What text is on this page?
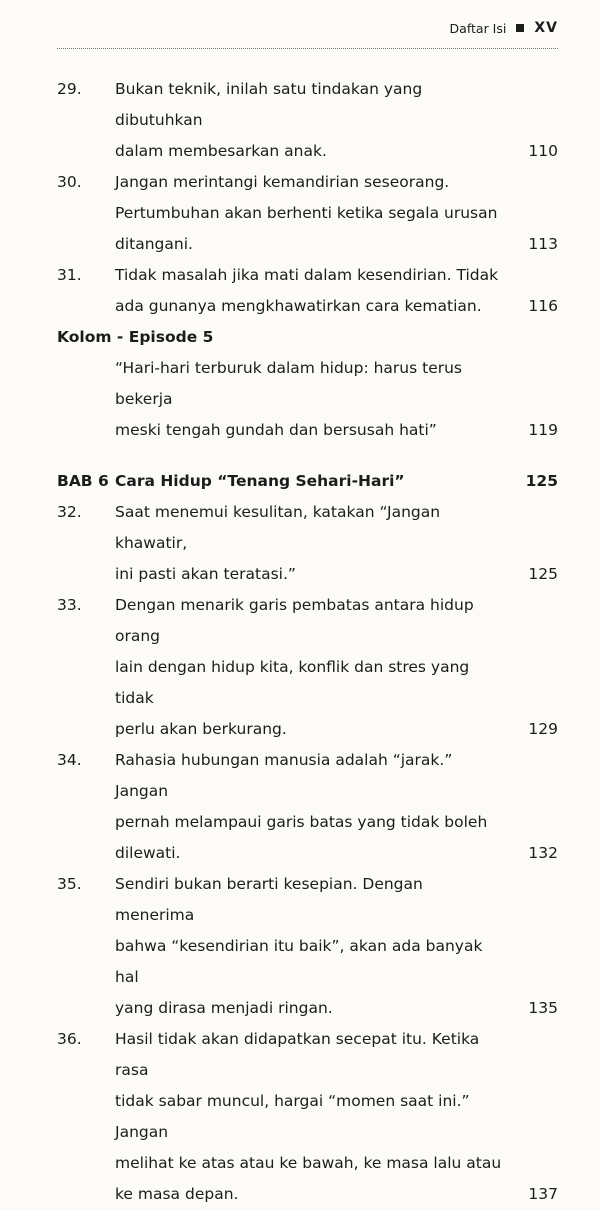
Daftar Isi XV
29. Bukan teknik, inilah satu tindakan yang dibutuhkan
dalam membesarkan anak.	110
30. Jangan merintangi kemandirian seseorang.
Pertumbuhan akan berhenti ketika segala urusan
ditangani.	113
31. Tidak masalah jika mati dalam kesendirian. Tidak
ada gunanya mengkhawatirkan cara kematian.	116
Kolom - Episode 5
“Hari-hari terburuk dalam hidup: harus terus bekerja
meski tengah gundah dan bersusah hati”	119
BAB 6 Cara Hidup “Tenang Sehari-Hari”	125
32. Saat menemui kesulitan, katakan “Jangan khawatir,
ini pasti akan teratasi.”	125
33. Dengan menarik garis pembatas antara hidup orang
lain dengan hidup kita, konflik dan stres yang tidak
perlu akan berkurang.	129
34. Rahasia hubungan manusia adalah “jarak.” Jangan
pernah melampaui garis batas yang tidak boleh
dilewati.	132
35. Sendiri bukan berarti kesepian. Dengan menerima
bahwa “kesendirian itu baik”, akan ada banyak hal
yang dirasa menjadi ringan.	135
36. Hasil tidak akan didapatkan secepat itu. Ketika rasa
tidak sabar muncul, hargai “momen saat ini.” Jangan
melihat ke atas atau ke bawah, ke masa lalu atau
ke masa depan.	137
